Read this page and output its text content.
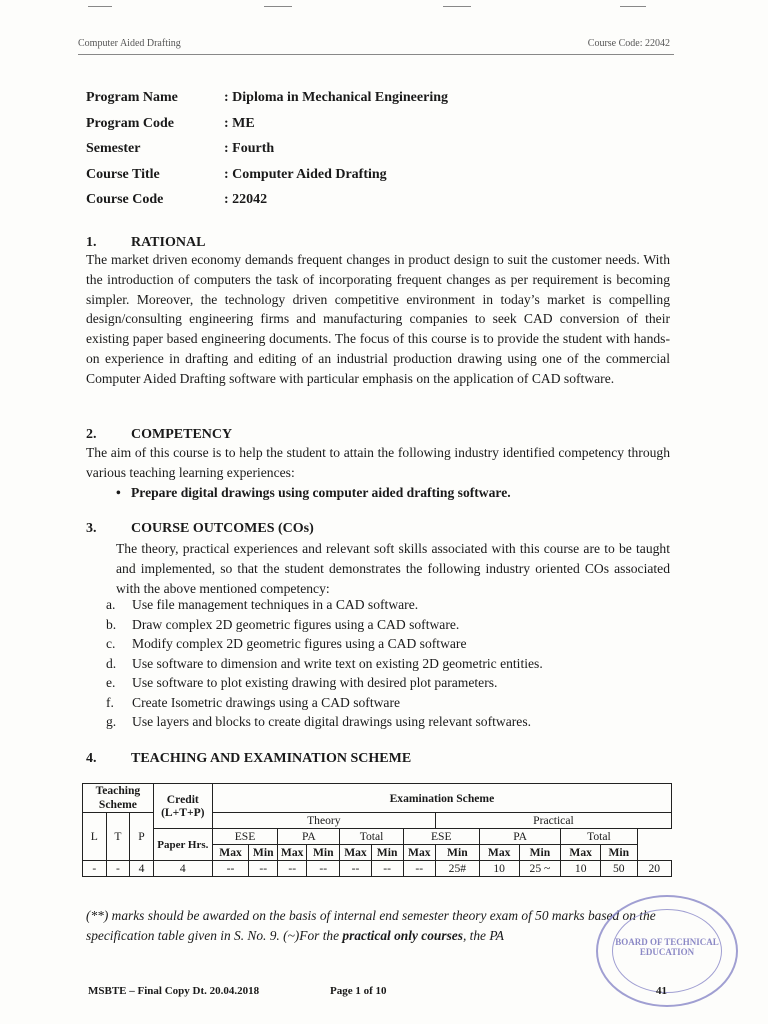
Computer Aided Drafting	Course Code: 22042
Program Name	: Diploma in Mechanical Engineering
Program Code	: ME
Semester	: Fourth
Course Title	: Computer Aided Drafting
Course Code	: 22042
1.	RATIONAL
The market driven economy demands frequent changes in product design to suit the customer needs. With the introduction of computers the task of incorporating frequent changes as per requirement is becoming simpler. Moreover, the technology driven competitive environment in today’s market is compelling design/consulting engineering firms and manufacturing companies to seek CAD conversion of their existing paper based engineering documents. The focus of this course is to provide the student with hands-on experience in drafting and editing of an industrial production drawing using one of the commercial Computer Aided Drafting software with particular emphasis on the application of CAD software.
2.	COMPETENCY
The aim of this course is to help the student to attain the following industry identified competency through various teaching learning experiences:
• Prepare digital drawings using computer aided drafting software.
3.	COURSE OUTCOMES (COs)
The theory, practical experiences and relevant soft skills associated with this course are to be taught and implemented, so that the student demonstrates the following industry oriented COs associated with the above mentioned competency:
a.	Use file management techniques in a CAD software.
b.	Draw complex 2D geometric figures using a CAD software.
c.	Modify complex 2D geometric figures using a CAD software
d.	Use software to dimension and write text on existing 2D geometric entities.
e.	Use software to plot existing drawing with desired plot parameters.
f.	Create Isometric drawings using a CAD software
g.	Use layers and blocks to create digital drawings using relevant softwares.
4.	TEACHING AND EXAMINATION SCHEME
Teaching Scheme			Credit (L+T+P)	Examination Scheme												

L	T	P		Theory							Practical					
			Paper Hrs.	ESE		PA		Total		ESE		PA		Total		
				Max	Min	Max	Min	Max	Min	Max	Min	Max	Min	Max	Min	
-	-	4	4	--	--	--	--	--	--	--	25#	10	25 ~	10	50	20
(**) marks should be awarded on the basis of internal end semester theory exam of 50 marks based on the specification table given in S. No. 9. (~)For the practical only courses, the PA	BOARD OF TECHNICAL EDUCATION
MSBTE – Final Copy Dt. 20.04.2018	Page 1 of 10	41
